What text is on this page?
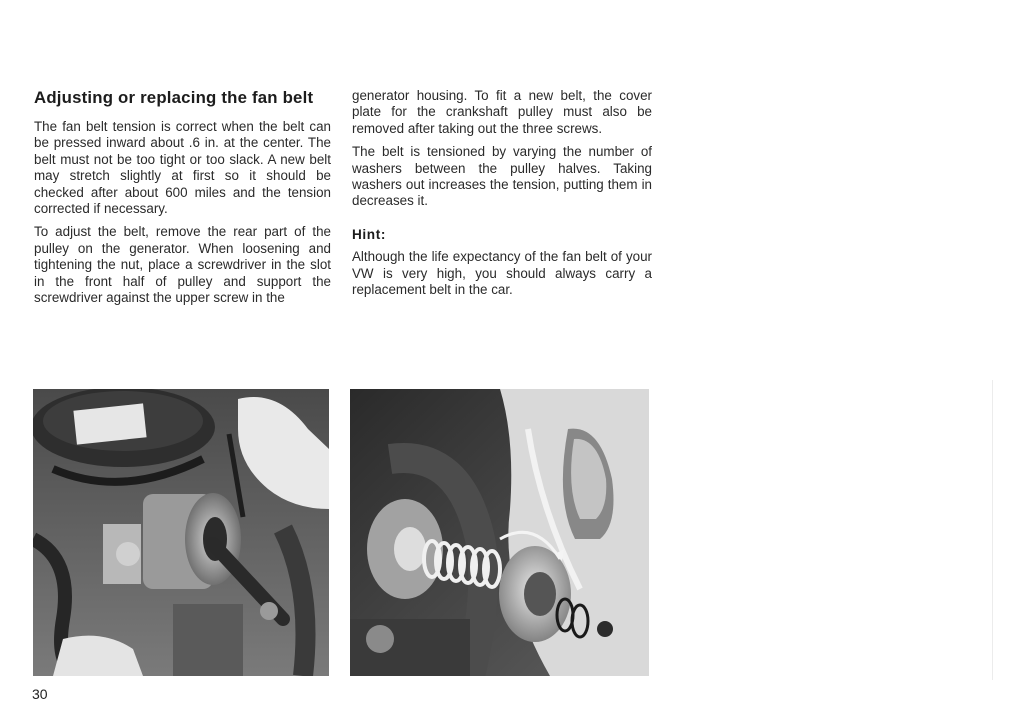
Adjusting or replacing the fan belt

The fan belt tension is correct when the belt can be pressed inward about .6 in. at the center. The belt must not be too tight or too slack. A new belt may stretch slightly at first so it should be checked after about 600 miles and the tension corrected if necessary.

To adjust the belt, remove the rear part of the pulley on the generator. When loosening and tightening the nut, place a screwdriver in the slot in the front half of pulley and support the screwdriver against the upper screw in the

generator housing. To fit a new belt, the cover plate for the crankshaft pulley must also be removed after taking out the three screws.

The belt is tensioned by varying the number of washers between the pulley halves. Taking washers out increases the tension, putting them in decreases it.

Hint:

Although the life expectancy of the fan belt of your VW is very high, you should always carry a replacement belt in the car.

30
